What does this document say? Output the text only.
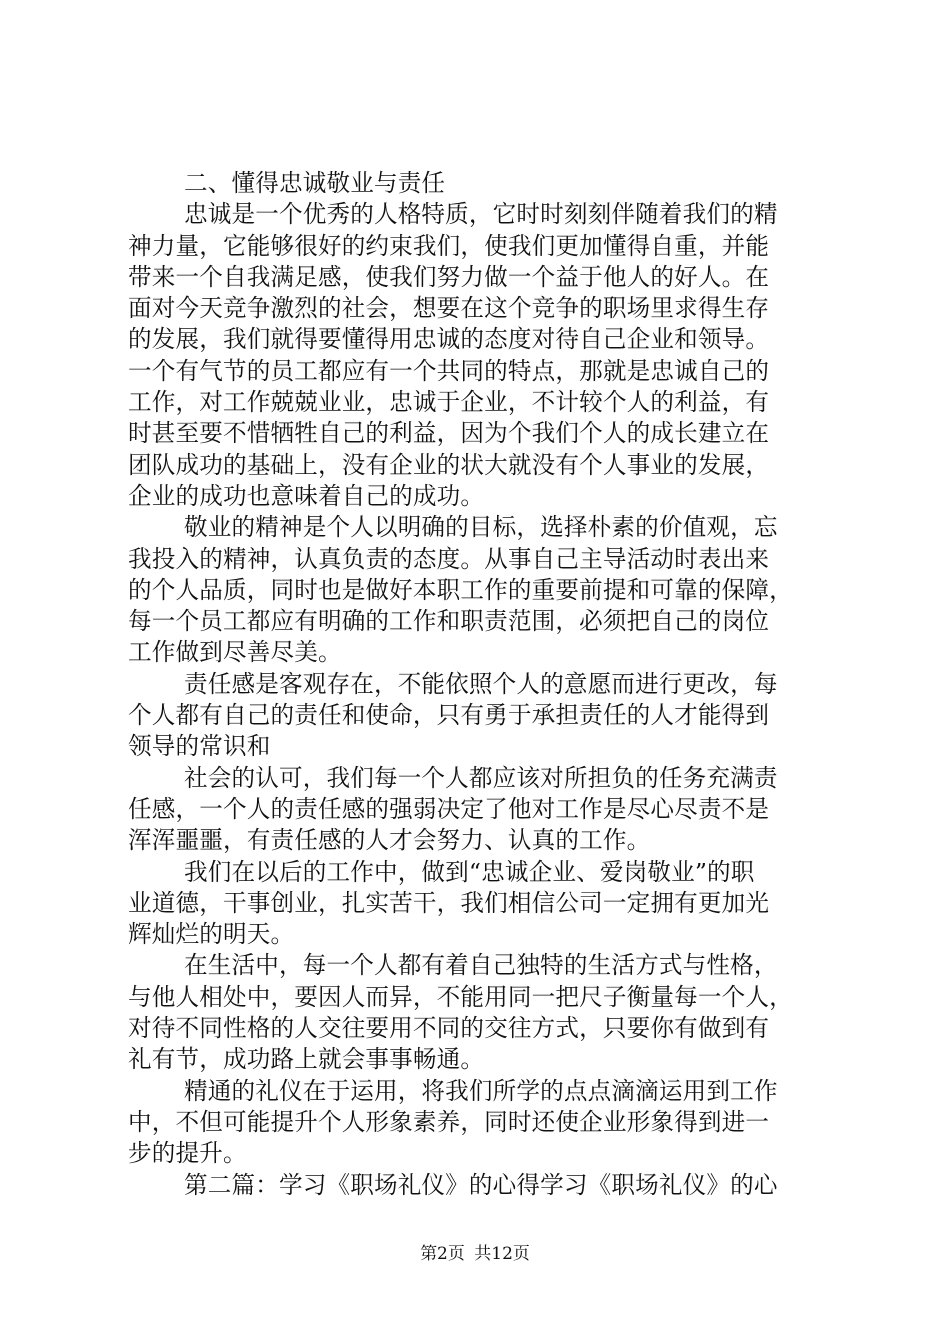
二、懂得忠诚敬业与责任
忠诚是一个优秀的人格特质，它时时刻刻伴随着我们的精
神力量，它能够很好的约束我们，使我们更加懂得自重，并能
带来一个自我满足感，使我们努力做一个益于他人的好人。在
面对今天竞争激烈的社会，想要在这个竞争的职场里求得生存
的发展，我们就得要懂得用忠诚的态度对待自己企业和领导。
一个有气节的员工都应有一个共同的特点，那就是忠诚自己的
工作，对工作兢兢业业，忠诚于企业，不计较个人的利益，有
时甚至要不惜牺牲自己的利益，因为个我们个人的成长建立在
团队成功的基础上，没有企业的状大就没有个人事业的发展，
企业的成功也意味着自己的成功。
敬业的精神是个人以明确的目标，选择朴素的价值观，忘
我投入的精神，认真负责的态度。从事自己主导活动时表出来
的个人品质，同时也是做好本职工作的重要前提和可靠的保障，
每一个员工都应有明确的工作和职责范围，必须把自己的岗位
工作做到尽善尽美。
责任感是客观存在，不能依照个人的意愿而进行更改，每
个人都有自己的责任和使命，只有勇于承担责任的人才能得到
领导的常识和
社会的认可，我们每一个人都应该对所担负的任务充满责
任感，一个人的责任感的强弱决定了他对工作是尽心尽责不是
浑浑噩噩，有责任感的人才会努力、认真的工作。
我们在以后的工作中，做到“忠诚企业、爱岗敬业”的职
业道德，干事创业，扎实苦干，我们相信公司一定拥有更加光
辉灿烂的明天。
在生活中，每一个人都有着自己独特的生活方式与性格，
与他人相处中，要因人而异，不能用同一把尺子衡量每一个人，
对待不同性格的人交往要用不同的交往方式，只要你有做到有
礼有节，成功路上就会事事畅通。
精通的礼仪在于运用，将我们所学的点点滴滴运用到工作
中，不但可能提升个人形象素养，同时还使企业形象得到进一
步的提升。
第二篇：学习《职场礼仪》的心得学习《职场礼仪》的心
第2页 共12页
